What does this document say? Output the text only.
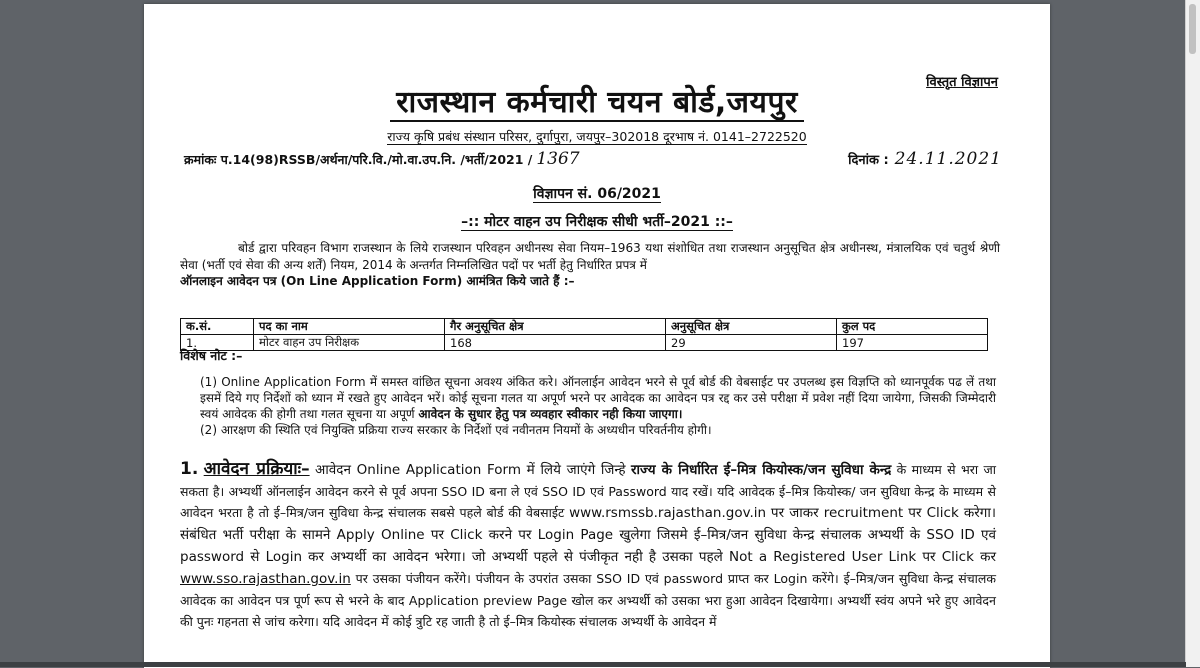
विस्तृत विज्ञापन
राजस्थान कर्मचारी चयन बोर्ड,जयपुर
राज्य कृषि प्रबंध संस्थान परिसर, दुर्गापुरा, जयपुर–302018 दूरभाष नं. 0141–2722520
क्रमांकः प.14(98)RSSB/अर्थना/परि.वि./मो.वा.उप.नि. /भर्ती/2021 / 1367	दिनांक : 24.11.2021
विज्ञापन सं. 06/2021
–:: मोटर वाहन उप निरीक्षक सीधी भर्ती–2021 ::–
बोर्ड द्वारा परिवहन विभाग राजस्थान के लिये राजस्थान परिवहन अधीनस्थ सेवा नियम–1963 यथा संशोधित तथा राजस्थान अनुसूचित क्षेत्र अधीनस्थ, मंत्रालयिक एवं चतुर्थ श्रेणी सेवा (भर्ती एवं सेवा की अन्य शर्तें) नियम, 2014 के अन्तर्गत निम्नलिखित पदों पर भर्ती हेतु निर्धारित प्रपत्र में
ऑनलाइन आवेदन पत्र (On Line Application Form) आमंत्रित किये जाते हैं :–
क.सं.	पद का नाम	गैर अनुसूचित क्षेत्र	अनुसूचित क्षेत्र	कुल पद
1.	मोटर वाहन उप निरीक्षक	168	29	197
विशेष नोट :–

(1) Online Application Form में समस्त वांछित सूचना अवश्य अंकित करे। ऑनलाईन आवेदन भरने से पूर्व बोर्ड की वेबसाईट पर उपलब्ध इस विज्ञप्ति को ध्यानपूर्वक पढ लें तथा इसमें दिये गए निर्देशों को ध्यान में रखते हुए आवेदन भरें। कोई सूचना गलत या अपूर्ण भरने पर आवेदक का आवेदन पत्र रद्द कर उसे परीक्षा में प्रवेश नहीं दिया जायेगा, जिसकी जिम्मेदारी स्वयं आवेदक की होगी तथा गलत सूचना या अपूर्ण आवेदन के सुधार हेतु पत्र व्यवहार स्वीकार नही किया जाएगा।

(2) आरक्षण की स्थिति एवं नियुक्ति प्रक्रिया राज्य सरकार के निर्देशों एवं नवीनतम नियमों के अध्यधीन परिवर्तनीय होगी।

1. आवेदन प्रक्रियाः– आवेदन Online Application Form में लिये जाएंगे जिन्हे राज्य के निर्धारित ई–मित्र कियोस्क/जन सुविधा केन्द्र के माध्यम से भरा जा सकता है। अभ्यर्थी ऑनलाईन आवेदन करने से पूर्व अपना SSO ID बना ले एवं SSO ID एवं Password याद रखें। यदि आवेदक ई–मित्र कियोस्क/ जन सुविधा केन्द्र के माध्यम से आवेदन भरता है तो ई–मित्र/जन सुविधा केन्द्र संचालक सबसे पहले बोर्ड की वेबसाईट www.rsmssb.rajasthan.gov.in पर जाकर recruitment पर Click करेगा। संबंधित भर्ती परीक्षा के सामने Apply Online पर Click करने पर Login Page खुलेगा जिसमे ई–मित्र/जन सुविधा केन्द्र संचालक अभ्यर्थी के SSO ID एवं password से Login कर अभ्यर्थी का आवेदन भरेगा। जो अभ्यर्थी पहले से पंजीकृत नही है उसका पहले Not a Registered User Link पर Click कर www.sso.rajasthan.gov.in पर उसका पंजीयन करेंगे। पंजीयन के उपरांत उसका SSO ID एवं password प्राप्त कर Login करेंगे। ई–मित्र/जन सुविधा केन्द्र संचालक आवेदक का आवेदन पत्र पूर्ण रूप से भरने के बाद Application preview Page खोल कर अभ्यर्थी को उसका भरा हुआ आवेदन दिखायेगा। अभ्यर्थी स्वंय अपने भरे हुए आवेदन की पुनः गहनता से जांच करेगा। यदि आवेदन में कोई त्रुटि रह जाती है तो ई–मित्र कियोस्क संचालक अभ्यर्थी के आवेदन में
